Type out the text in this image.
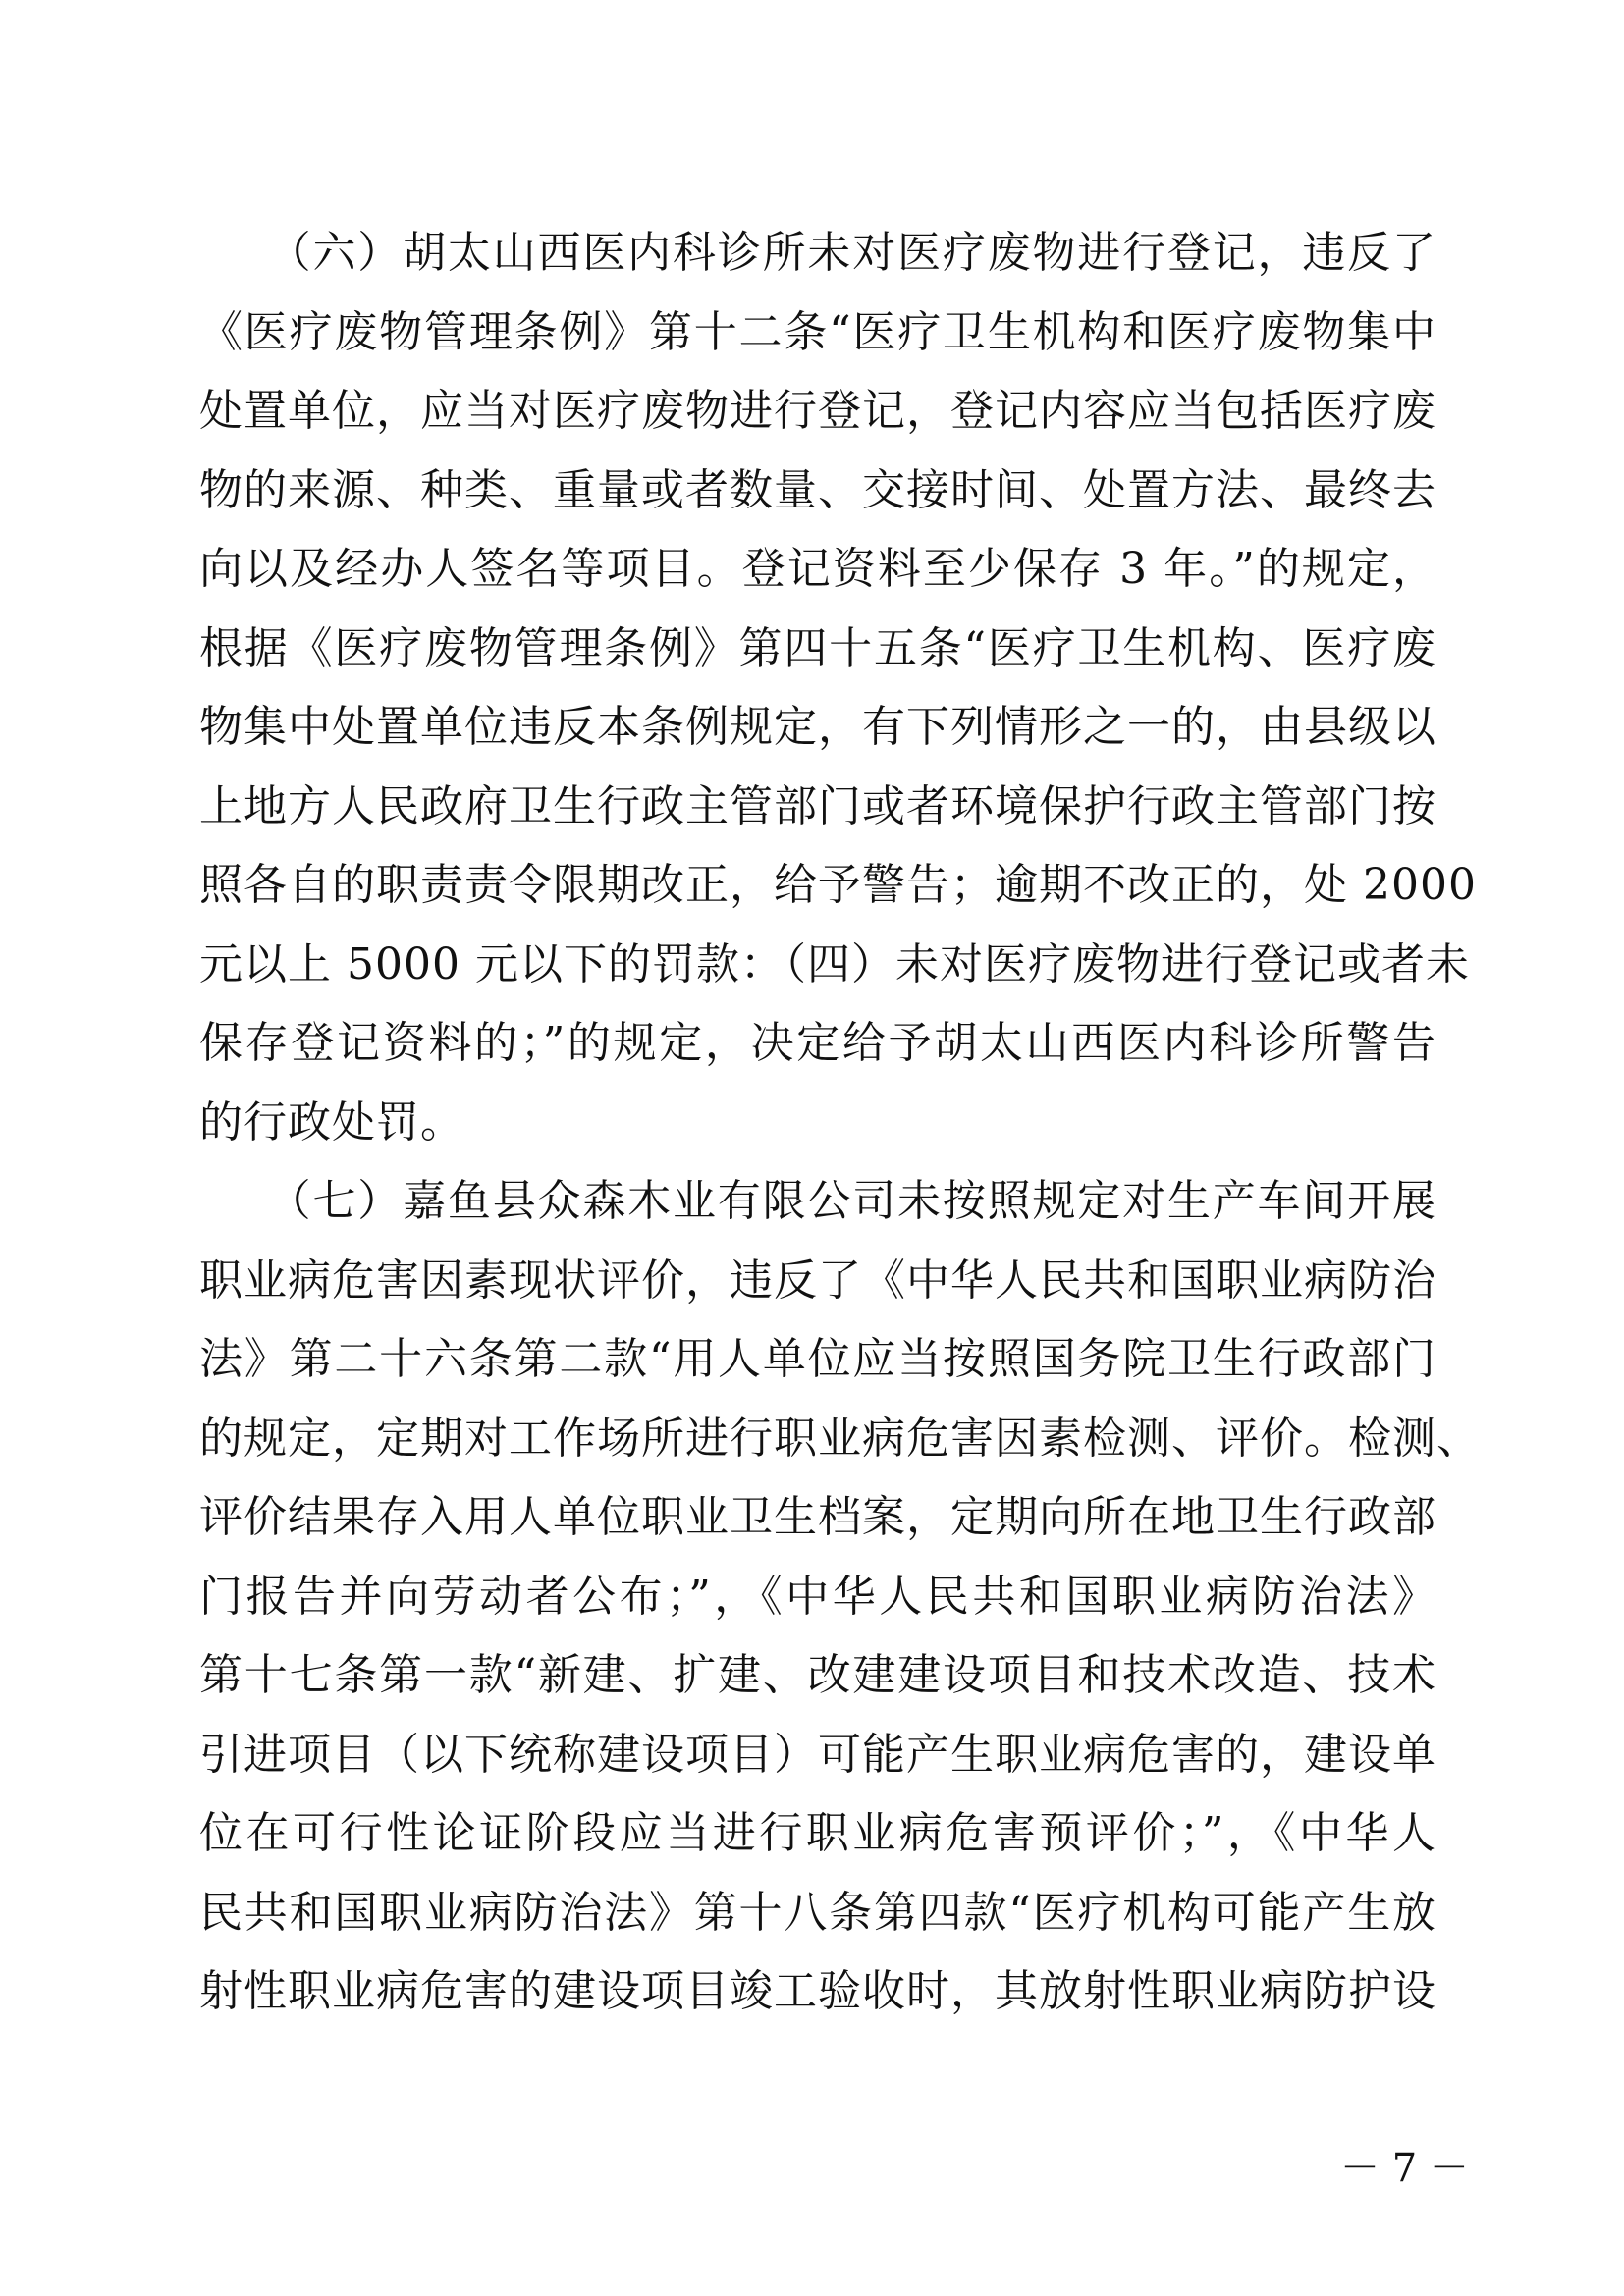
　　（六）胡太山西医内科诊所未对医疗废物进行登记，违反了
《医疗废物管理条例》第十二条“医疗卫生机构和医疗废物集中
处置单位，应当对医疗废物进行登记，登记内容应当包括医疗废
物的来源、种类、重量或者数量、交接时间、处置方法、最终去
向以及经办人签名等项目。登记资料至少保存 3 年。”的规定，
根据《医疗废物管理条例》第四十五条“医疗卫生机构、医疗废
物集中处置单位违反本条例规定，有下列情形之一的，由县级以
上地方人民政府卫生行政主管部门或者环境保护行政主管部门按
照各自的职责责令限期改正，给予警告；逾期不改正的，处 2000
元以上 5000 元以下的罚款：（四）未对医疗废物进行登记或者未
保存登记资料的；”的规定，决定给予胡太山西医内科诊所警告
的行政处罚。
　　（七）嘉鱼县众森木业有限公司未按照规定对生产车间开展
职业病危害因素现状评价，违反了《中华人民共和国职业病防治
法》第二十六条第二款“用人单位应当按照国务院卫生行政部门
的规定，定期对工作场所进行职业病危害因素检测、评价。检测、
评价结果存入用人单位职业卫生档案，定期向所在地卫生行政部
门报告并向劳动者公布；”，《中华人民共和国职业病防治法》
第十七条第一款“新建、扩建、改建建设项目和技术改造、技术
引进项目（以下统称建设项目）可能产生职业病危害的，建设单
位在可行性论证阶段应当进行职业病危害预评价；”，《中华人
民共和国职业病防治法》第十八条第四款“医疗机构可能产生放
射性职业病危害的建设项目竣工验收时，其放射性职业病防护设
－ 7 －
